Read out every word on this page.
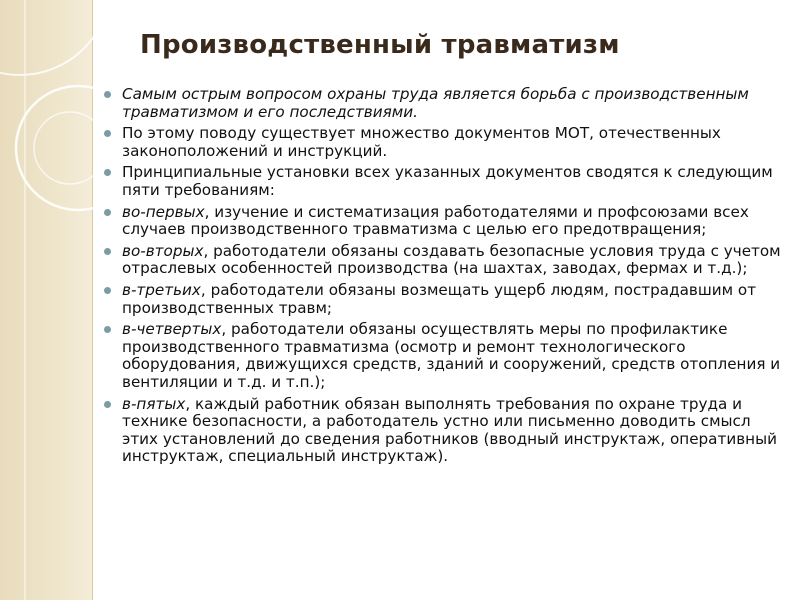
Производственный травматизм
Самым острым вопросом охраны труда является борьба с производственным травматизмом и его последствиями.
По этому поводу существует множество документов МОТ, отечественных законоположений и инструкций.
Принципиальные установки всех указанных документов сводятся к следующим пяти требованиям:
во-первых, изучение и систематизация работодателями и профсоюзами всех случаев производственного травматизма с целью его предотвращения;
во-вторых, работодатели обязаны создавать безопасные условия труда с учетом отраслевых особенностей производства (на шахтах, заводах, фермах и т.д.);
в-третьих, работодатели обязаны возмещать ущерб людям, пострадавшим от производственных травм;
в-четвертых, работодатели обязаны осуществлять меры по профилактике производственного травматизма (осмотр и ремонт технологического оборудования, движущихся средств, зданий и сооружений, средств отопления и вентиляции и т.д. и т.п.);
в-пятых, каждый работник обязан выполнять требования по охране труда и технике безопасности, а работодатель устно или письменно доводить смысл этих установлений до сведения работников (вводный инструктаж, оперативный инструктаж, специальный инструктаж).
